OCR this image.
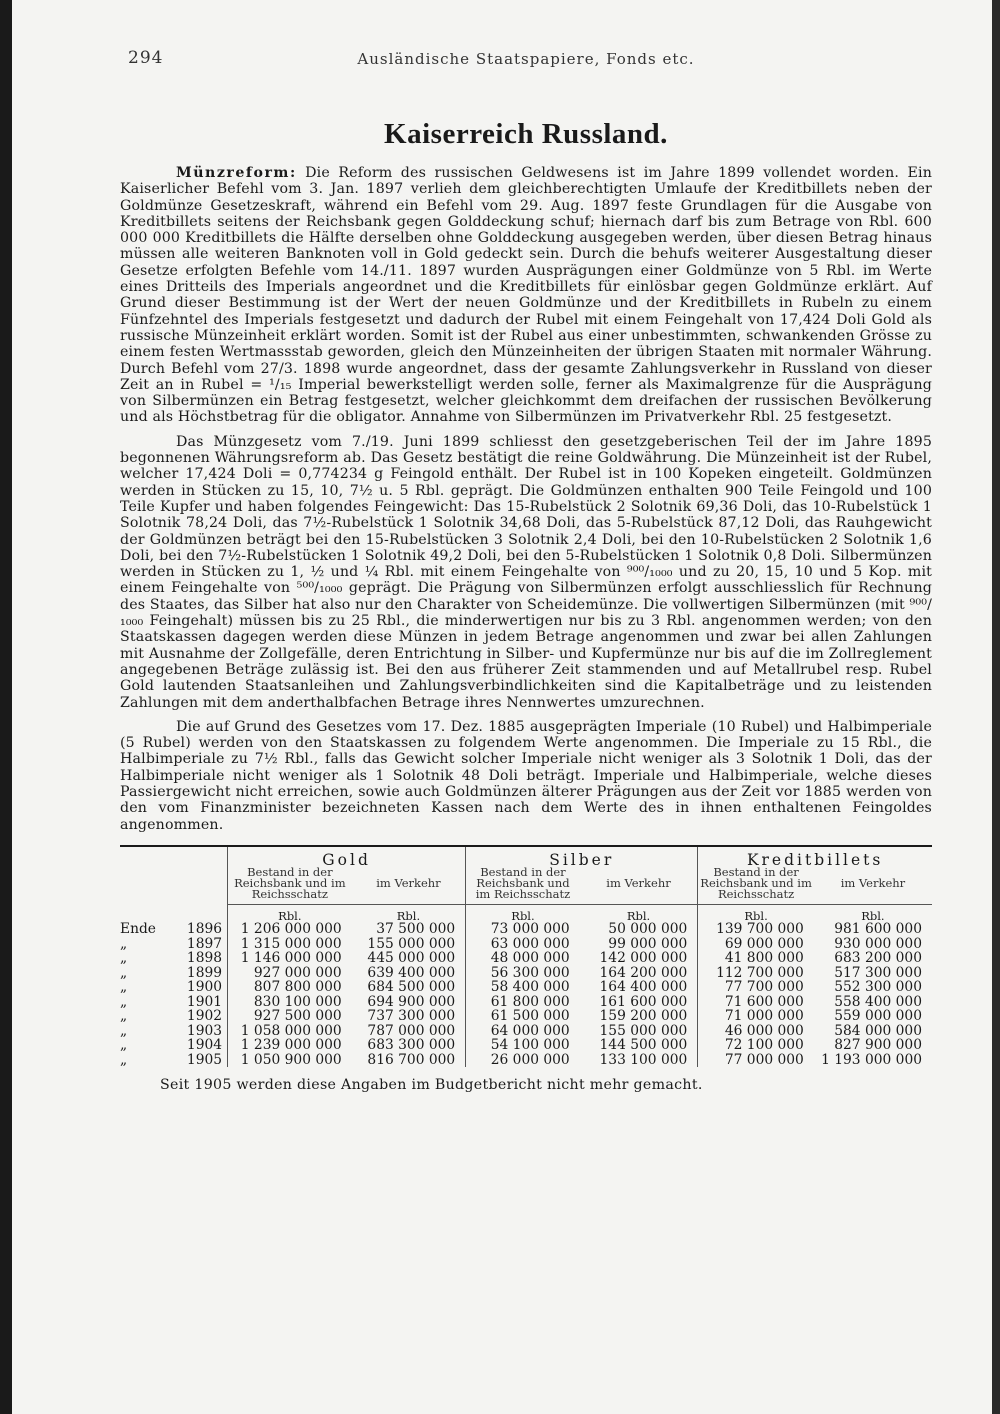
294	Ausländische Staatspapiere, Fonds etc.
Kaiserreich Russland.

Münzreform: Die Reform des russischen Geldwesens ist im Jahre 1899 vollendet worden. Ein Kaiserlicher Befehl vom 3. Jan. 1897 verlieh dem gleichberechtigten Umlaufe der Kreditbillets neben der Goldmünze Gesetzeskraft, während ein Befehl vom 29. Aug. 1897 feste Grundlagen für die Ausgabe von Kreditbillets seitens der Reichsbank gegen Golddeckung schuf; hiernach darf bis zum Betrage von Rbl. 600 000 000 Kreditbillets die Hälfte derselben ohne Golddeckung ausgegeben werden, über diesen Betrag hinaus müssen alle weiteren Banknoten voll in Gold gedeckt sein. Durch die behufs weiterer Ausgestaltung dieser Gesetze erfolgten Befehle vom 14./11. 1897 wurden Ausprägungen einer Goldmünze von 5 Rbl. im Werte eines Dritteils des Imperials angeordnet und die Kreditbillets für einlösbar gegen Goldmünze erklärt. Auf Grund dieser Bestimmung ist der Wert der neuen Goldmünze und der Kreditbillets in Rubeln zu einem Fünfzehntel des Imperials festgesetzt und dadurch der Rubel mit einem Feingehalt von 17,424 Doli Gold als russische Münzeinheit erklärt worden. Somit ist der Rubel aus einer unbestimmten, schwankenden Grösse zu einem festen Wertmassstab geworden, gleich den Münzeinheiten der übrigen Staaten mit normaler Währung. Durch Befehl vom 27/3. 1898 wurde angeordnet, dass der gesamte Zahlungsverkehr in Russland von dieser Zeit an in Rubel = ¹/₁₅ Imperial bewerkstelligt werden solle, ferner als Maximalgrenze für die Ausprägung von Silbermünzen ein Betrag festgesetzt, welcher gleichkommt dem dreifachen der russischen Bevölkerung und als Höchstbetrag für die obligator. Annahme von Silbermünzen im Privatverkehr Rbl. 25 festgesetzt.

Das Münzgesetz vom 7./19. Juni 1899 schliesst den gesetzgeberischen Teil der im Jahre 1895 begonnenen Währungsreform ab. Das Gesetz bestätigt die reine Goldwährung. Die Münzeinheit ist der Rubel, welcher 17,424 Doli = 0,774234 g Feingold enthält. Der Rubel ist in 100 Kopeken eingeteilt. Goldmünzen werden in Stücken zu 15, 10, 7½ u. 5 Rbl. geprägt. Die Goldmünzen enthalten 900 Teile Feingold und 100 Teile Kupfer und haben folgendes Feingewicht: Das 15-Rubelstück 2 Solotnik 69,36 Doli, das 10-Rubelstück 1 Solotnik 78,24 Doli, das 7½-Rubelstück 1 Solotnik 34,68 Doli, das 5-Rubelstück 87,12 Doli, das Rauhgewicht der Goldmünzen beträgt bei den 15-Rubelstücken 3 Solotnik 2,4 Doli, bei den 10-Rubelstücken 2 Solotnik 1,6 Doli, bei den 7½-Rubelstücken 1 Solotnik 49,2 Doli, bei den 5-Rubelstücken 1 Solotnik 0,8 Doli. Silbermünzen werden in Stücken zu 1, ½ und ¼ Rbl. mit einem Feingehalte von ⁹⁰⁰/₁₀₀₀ und zu 20, 15, 10 und 5 Kop. mit einem Feingehalte von ⁵⁰⁰/₁₀₀₀ geprägt. Die Prägung von Silbermünzen erfolgt ausschliesslich für Rechnung des Staates, das Silber hat also nur den Charakter von Scheidemünze. Die vollwertigen Silbermünzen (mit ⁹⁰⁰/₁₀₀₀ Feingehalt) müssen bis zu 25 Rbl., die minderwertigen nur bis zu 3 Rbl. angenommen werden; von den Staatskassen dagegen werden diese Münzen in jedem Betrage angenommen und zwar bei allen Zahlungen mit Ausnahme der Zollgefälle, deren Entrichtung in Silber- und Kupfermünze nur bis auf die im Zollreglement angegebenen Beträge zulässig ist. Bei den aus früherer Zeit stammenden und auf Metallrubel resp. Rubel Gold lautenden Staatsanleihen und Zahlungsverbindlichkeiten sind die Kapitalbeträge und zu leistenden Zahlungen mit dem anderthalbfachen Betrage ihres Nennwertes umzurechnen.

Die auf Grund des Gesetzes vom 17. Dez. 1885 ausgeprägten Imperiale (10 Rubel) und Halbimperiale (5 Rubel) werden von den Staatskassen zu folgendem Werte angenommen. Die Imperiale zu 15 Rbl., die Halbimperiale zu 7½ Rbl., falls das Gewicht solcher Imperiale nicht weniger als 3 Solotnik 1 Doli, das der Halbimperiale nicht weniger als 1 Solotnik 48 Doli beträgt. Imperiale und Halbimperiale, welche dieses Passiergewicht nicht erreichen, sowie auch Goldmünzen älterer Prägungen aus der Zeit vor 1885 werden von den vom Finanzminister bezeichneten Kassen nach dem Werte des in ihnen enthaltenen Feingoldes angenommen.

		Gold		Silber		Kreditbillets	
		Bestand in der Reichsbank und im Reichsschatz	im Verkehr	Bestand in der Reichsbank und im Reichsschatz	im Verkehr	Bestand in der Reichsbank und im Reichsschatz	im Verkehr
		Rbl.	Rbl.	Rbl.	Rbl.	Rbl.	Rbl.
Ende	1896	1 206 000 000	37 500 000	73 000 000	50 000 000	139 700 000	981 600 000
„	1897	1 315 000 000	155 000 000	63 000 000	99 000 000	69 000 000	930 000 000
„	1898	1 146 000 000	445 000 000	48 000 000	142 000 000	41 800 000	683 200 000
„	1899	927 000 000	639 400 000	56 300 000	164 200 000	112 700 000	517 300 000
„	1900	807 800 000	684 500 000	58 400 000	164 400 000	77 700 000	552 300 000
„	1901	830 100 000	694 900 000	61 800 000	161 600 000	71 600 000	558 400 000
„	1902	927 500 000	737 300 000	61 500 000	159 200 000	71 000 000	559 000 000
„	1903	1 058 000 000	787 000 000	64 000 000	155 000 000	46 000 000	584 000 000
„	1904	1 239 000 000	683 300 000	54 100 000	144 500 000	72 100 000	827 900 000
„	1905	1 050 900 000	816 700 000	26 000 000	133 100 000	77 000 000	1 193 000 000
Seit 1905 werden diese Angaben im Budgetbericht nicht mehr gemacht.
